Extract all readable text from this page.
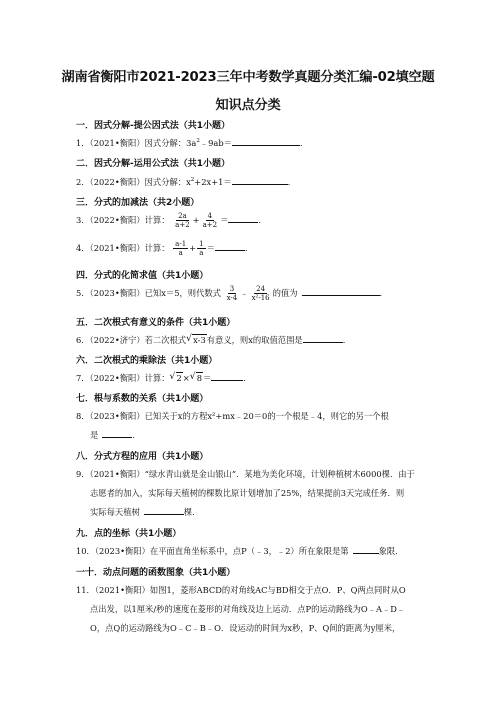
湖南省衡阳市2021-2023三年中考数学真题分类汇编-02填空题
知识点分类
一．因式分解-提公因式法（共1小题）
1．（2021•衡阳）因式分解：$3a^2﹣9ab=$	.
二．因式分解-运用公式法（共1小题）
2．（2022•衡阳）因式分解：$x^2+2x+1=$	.
三．分式的加减法（共2小题）
3．（2022•衡阳）计算： $\frac{2a}{a+2} + \frac{4}{a+2}$ ＝	.
4．（2021•衡阳）计算： $\frac{a-1}{a} + \frac{1}{a}$ ＝	.
四．分式的化简求值（共1小题）
5．（2023•衡阳）已知x＝5，则代数式 $\frac{3}{x-4}$ ﹣ $\frac{24}{\text{x²-16}}$ 的值为	.
五．二次根式有意义的条件（共1小题）
6．（2022•济宁）若二次根式 √ x-3有意义，则x的取值范围是	.
六．二次根式的乘除法（共1小题）
7．（2022•衡阳）计算： √ 2× √ 8＝	.
七．根与系数的关系（共1小题）
8．（2023•衡阳）已知关于x的方程x²+mx﹣20＝0的一个根是﹣4，则它的另一个根
是	.
八．分式方程的应用（共1小题）
9．（2021•衡阳）“绿水青山就是金山银山”．某地为美化环境，计划种植树木6000棵．由于
志愿者的加入，实际每天植树的棵数比原计划增加了25%，结果提前3天完成任务．则
实际每天植树	棵．
九．点的坐标（共1小题）
10．（2023•衡阳）在平面直角坐标系中，点P（﹣3，﹣2）所在象限是第	象限．
一十．动点问题的函数图象（共1小题）
11．（2021•衡阳）如图1，菱形ABCD的对角线AC与BD相交于点O．P、Q两点同时从O
点出发，以1厘米/秒的速度在菱形的对角线及边上运动．点P的运动路线为O﹣A﹣D﹣
O，点Q的运动路线为O﹣C﹣B﹣O．设运动的时间为x秒，P、Q间的距离为y厘米，
